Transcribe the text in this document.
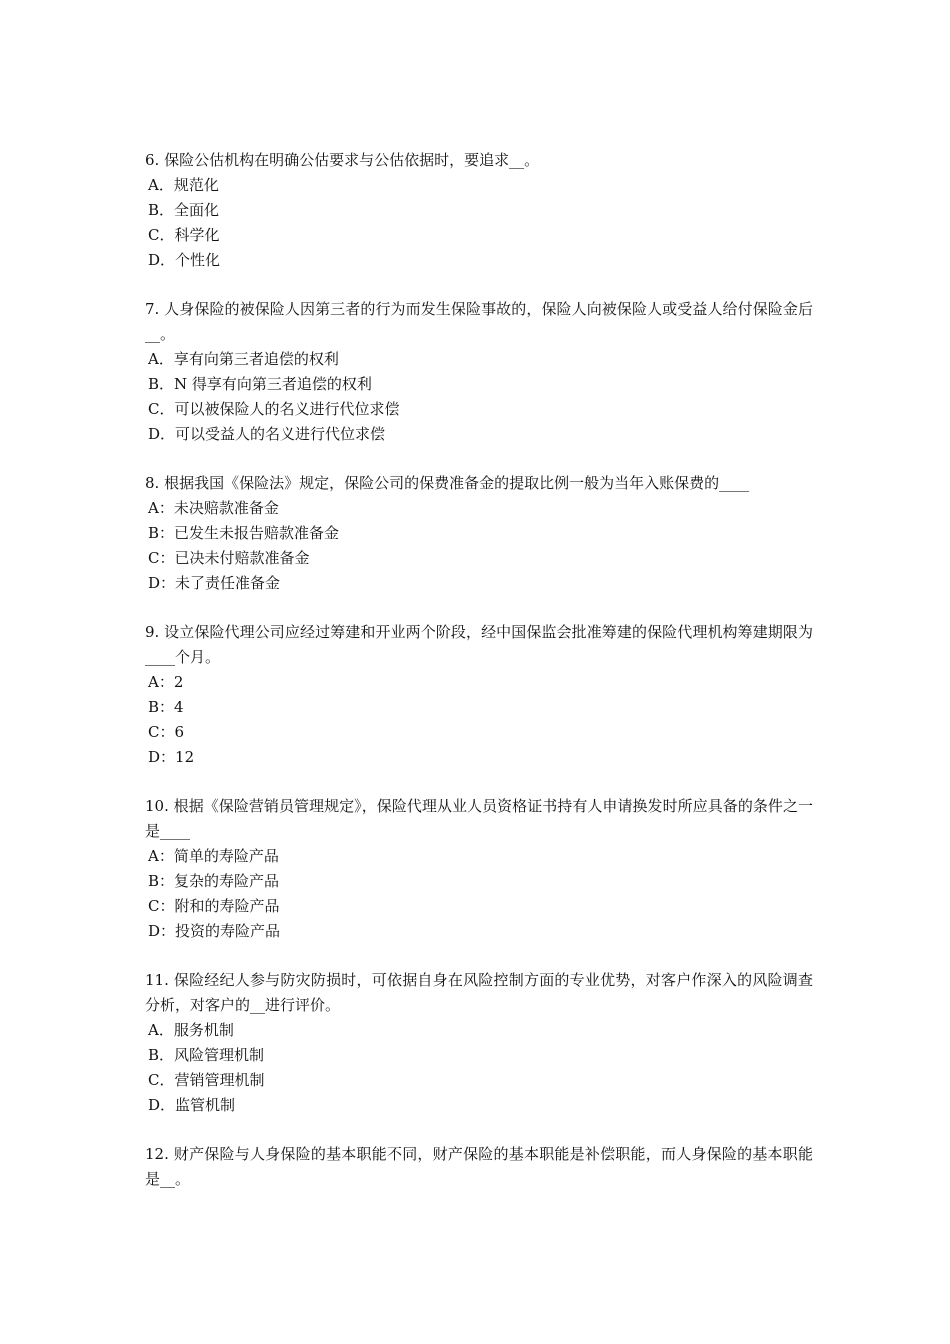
6. 保险公估机构在明确公估要求与公估依据时，要追求__。

A．规范化
B．全面化
C．科学化
D．个性化

7. 人身保险的被保险人因第三者的行为而发生保险事故的，保险人向被保险人或受益人给付保险金后__。

A．享有向第三者追偿的权利
B．N 得享有向第三者追偿的权利
C．可以被保险人的名义进行代位求偿
D．可以受益人的名义进行代位求偿

8. 根据我国《保险法》规定，保险公司的保费准备金的提取比例一般为当年入账保费的____

A：未决赔款准备金
B：已发生未报告赔款准备金
C：已决未付赔款准备金
D：未了责任准备金

9. 设立保险代理公司应经过筹建和开业两个阶段，经中国保监会批准筹建的保险代理机构筹建期限为____个月。

A：2
B：4
C：6
D：12

10. 根据《保险营销员管理规定》，保险代理从业人员资格证书持有人申请换发时所应具备的条件之一是____

A：简单的寿险产品
B：复杂的寿险产品
C：附和的寿险产品
D：投资的寿险产品

11. 保险经纪人参与防灾防损时，可依据自身在风险控制方面的专业优势，对客户作深入的风险调查分析，对客户的__进行评价。

A．服务机制
B．风险管理机制
C．营销管理机制
D．监管机制

12. 财产保险与人身保险的基本职能不同，财产保险的基本职能是补偿职能，而人身保险的基本职能是__。
